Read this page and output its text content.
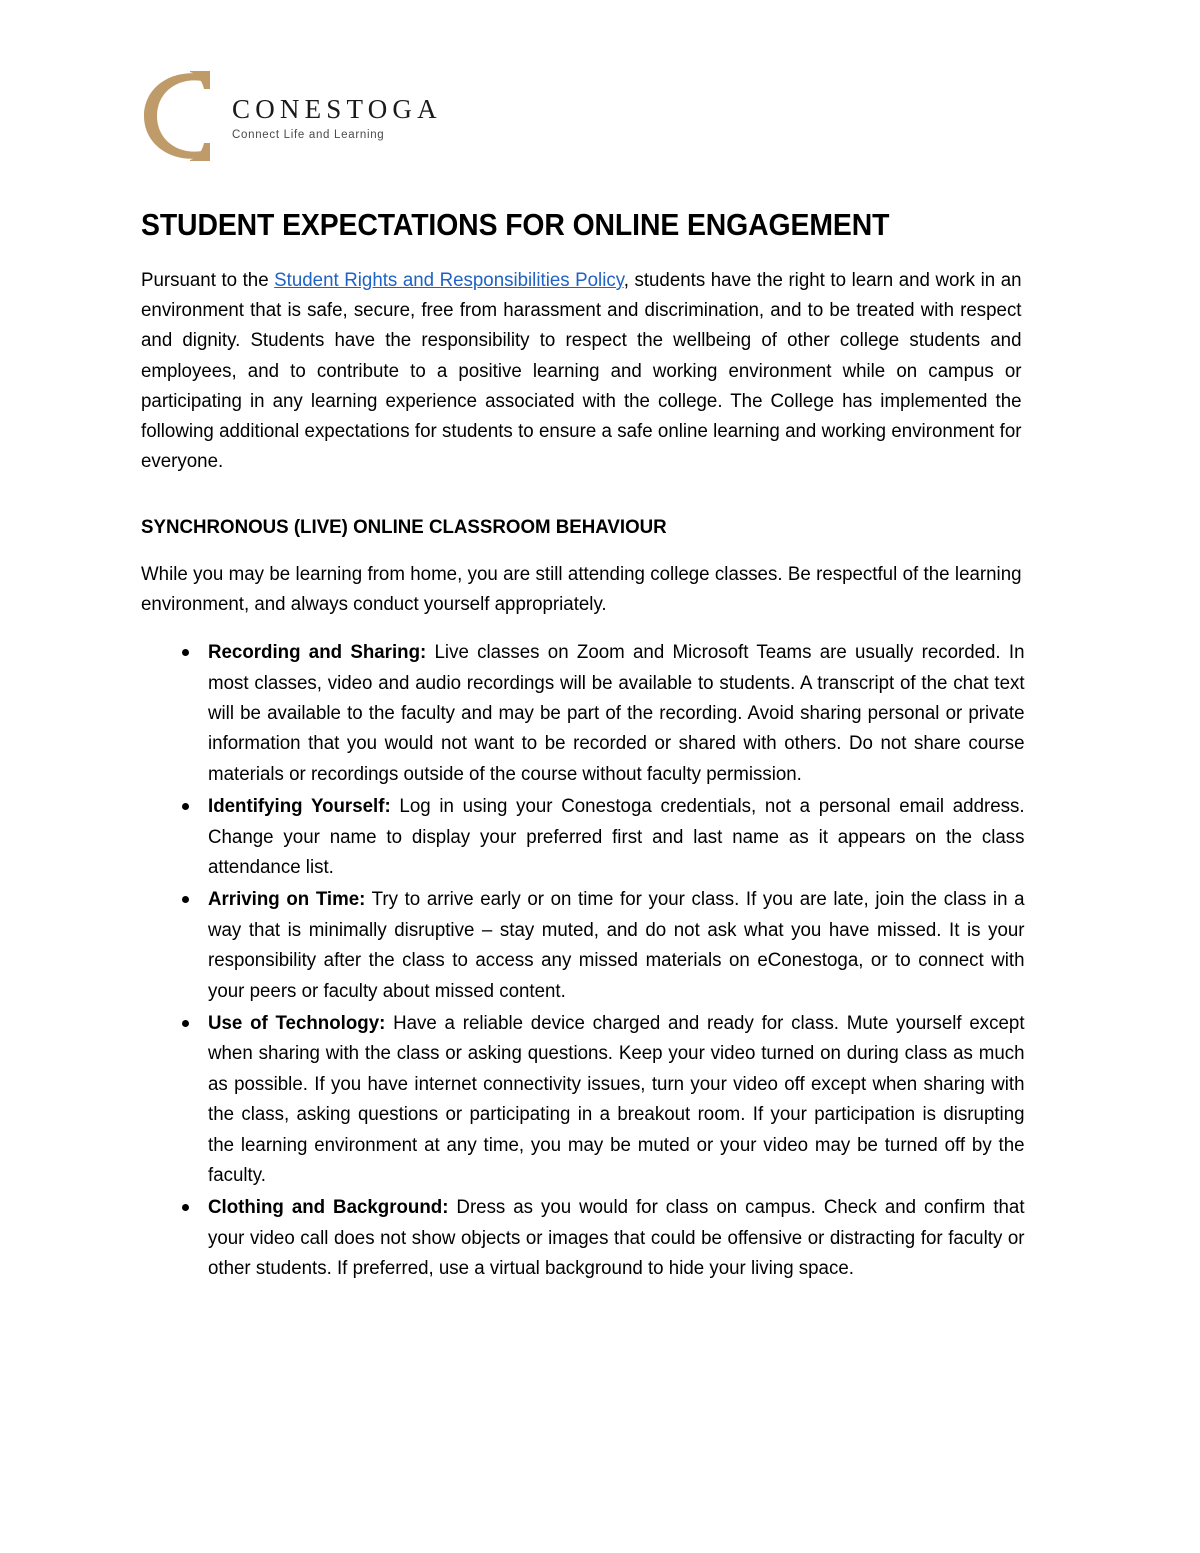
CONESTOGA
Connect Life and Learning
STUDENT EXPECTATIONS FOR ONLINE ENGAGEMENT

Pursuant to the Student Rights and Responsibilities Policy, students have the right to learn and work in an environment that is safe, secure, free from harassment and discrimination, and to be treated with respect and dignity. Students have the responsibility to respect the wellbeing of other college students and employees, and to contribute to a positive learning and working environment while on campus or participating in any learning experience associated with the college. The College has implemented the following additional expectations for students to ensure a safe online learning and working environment for everyone.

SYNCHRONOUS (LIVE) ONLINE CLASSROOM BEHAVIOUR

While you may be learning from home, you are still attending college classes. Be respectful of the learning environment, and always conduct yourself appropriately.

Recording and Sharing: Live classes on Zoom and Microsoft Teams are usually recorded. In most classes, video and audio recordings will be available to students. A transcript of the chat text will be available to the faculty and may be part of the recording. Avoid sharing personal or private information that you would not want to be recorded or shared with others. Do not share course materials or recordings outside of the course without faculty permission.
Identifying Yourself: Log in using your Conestoga credentials, not a personal email address. Change your name to display your preferred first and last name as it appears on the class attendance list.
Arriving on Time: Try to arrive early or on time for your class. If you are late, join the class in a way that is minimally disruptive – stay muted, and do not ask what you have missed. It is your responsibility after the class to access any missed materials on eConestoga, or to connect with your peers or faculty about missed content.
Use of Technology: Have a reliable device charged and ready for class. Mute yourself except when sharing with the class or asking questions. Keep your video turned on during class as much as possible. If you have internet connectivity issues, turn your video off except when sharing with the class, asking questions or participating in a breakout room. If your participation is disrupting the learning environment at any time, you may be muted or your video may be turned off by the faculty.
Clothing and Background: Dress as you would for class on campus. Check and confirm that your video call does not show objects or images that could be offensive or distracting for faculty or other students. If preferred, use a virtual background to hide your living space.
